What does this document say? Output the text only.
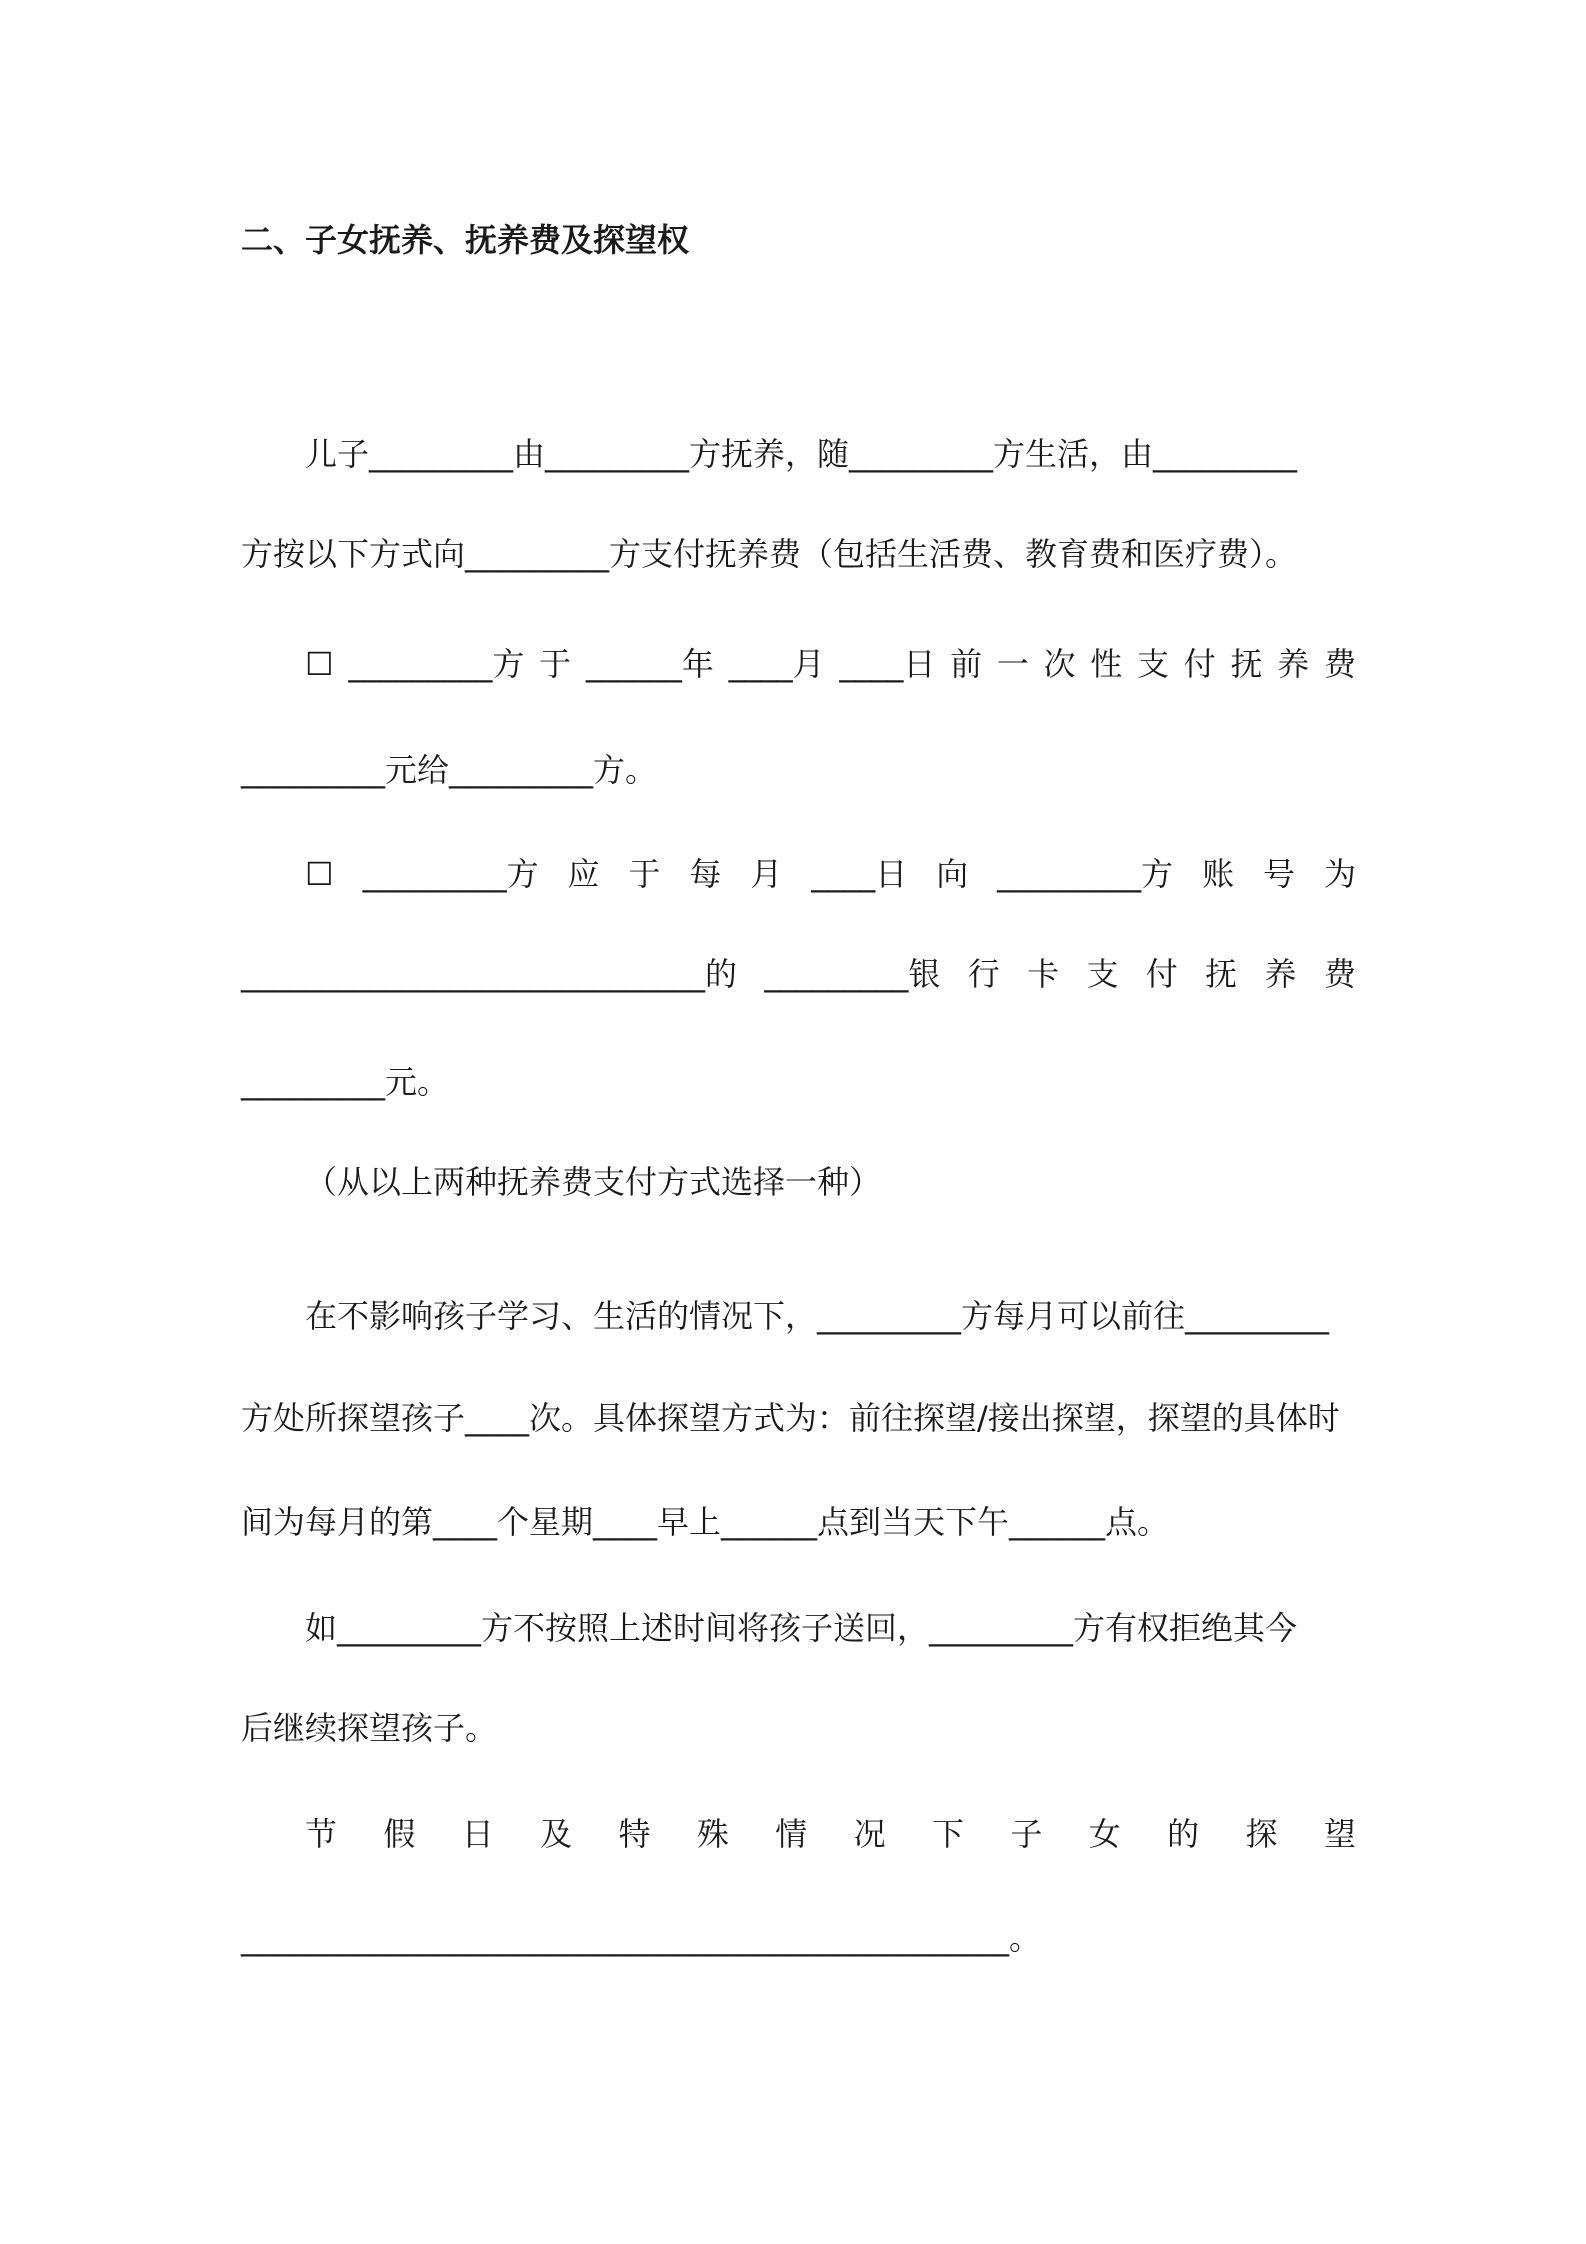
二、子女抚养、抚养费及探望权
儿子_________由_________方抚养，随_________方生活，由_________
方按以下方式向_________方支付抚养费（包括生活费、教育费和医疗费）。
☐ _________方 于 ______年 ____月 ____日 前 一 次 性 支 付 抚 养 费
_________元给_________方。
☐ _________方 应 于 每 月 ____日 向 _________方 账 号 为
_____________________________的 _________银 行 卡 支 付 抚 养 费
_________元。
（从以上两种抚养费支付方式选择一种）
在不影响孩子学习、生活的情况下，_________方每月可以前往_________
方处所探望孩子____次。具体探望方式为：前往探望/接出探望，探望的具体时
间为每月的第____个星期____早上______点到当天下午______点。
如_________方不按照上述时间将孩子送回，_________方有权拒绝其今
后继续探望孩子。
节 假 日 及 特 殊 情 况 下 子 女 的 探 望
________________________________________________。
